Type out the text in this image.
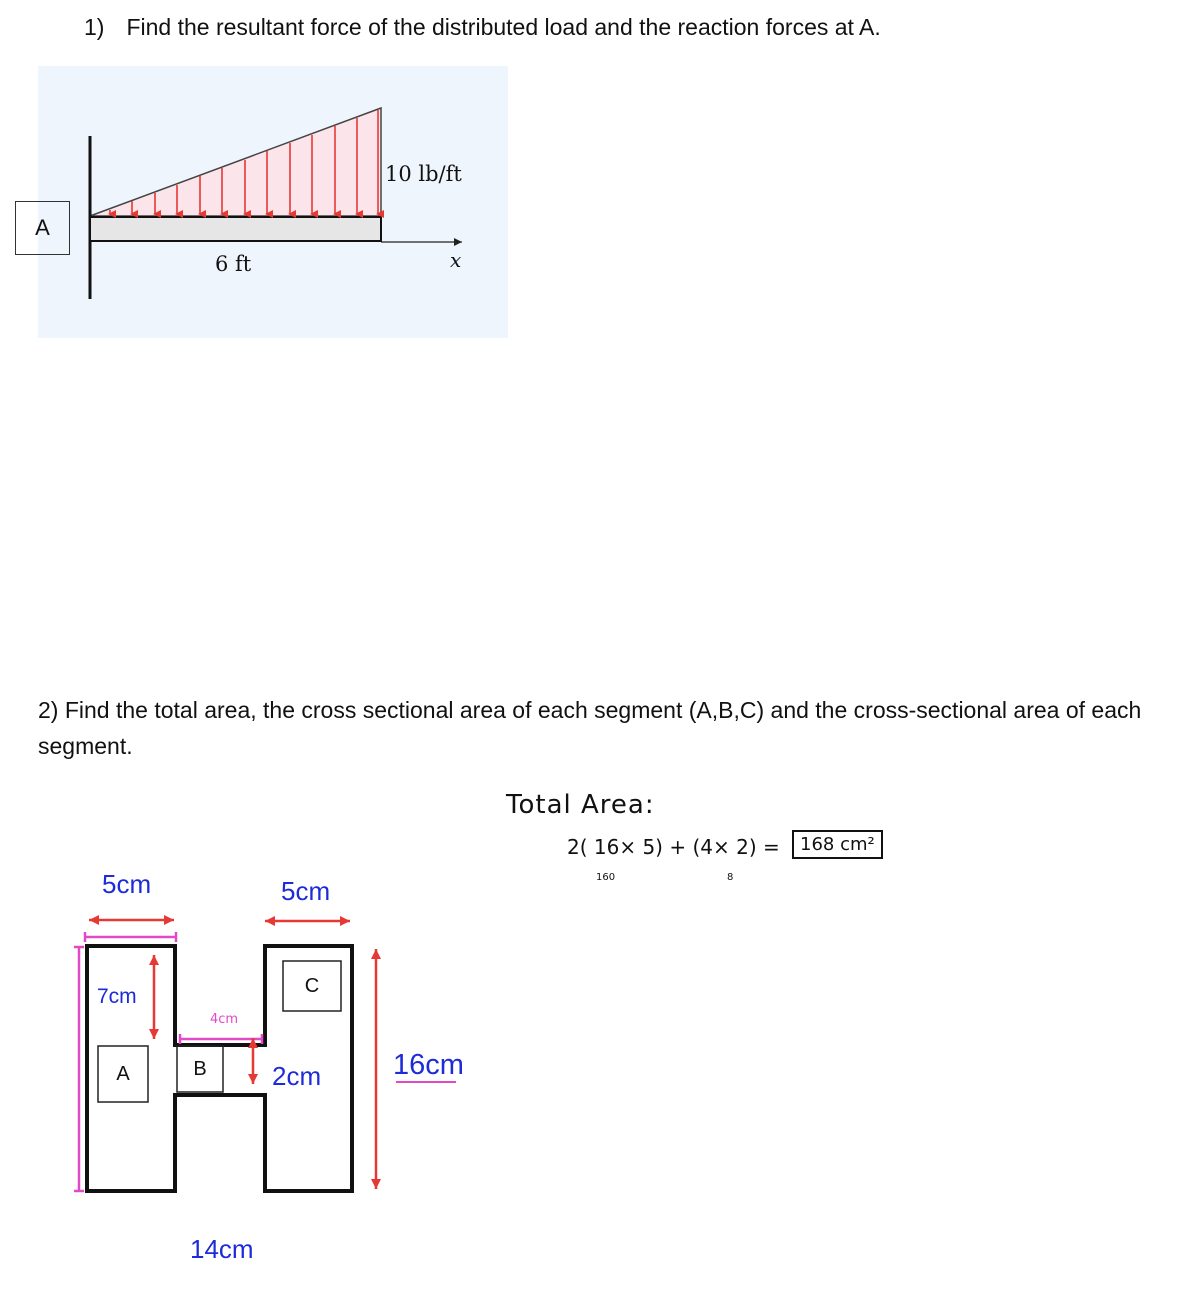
1) Find the resultant force of the distributed load and the reaction forces at A.
10 lb/ft
6 ft	x
A
2) Find the total area, the cross sectional area of each segment (A,B,C) and the cross-sectional area of each segment.
5cm	5cm
7cm
4cm
2cm 16cm
14cm
A	B
C
Total Area:
2( 16× 5) + (4× 2) =	168 cm²
160	8
